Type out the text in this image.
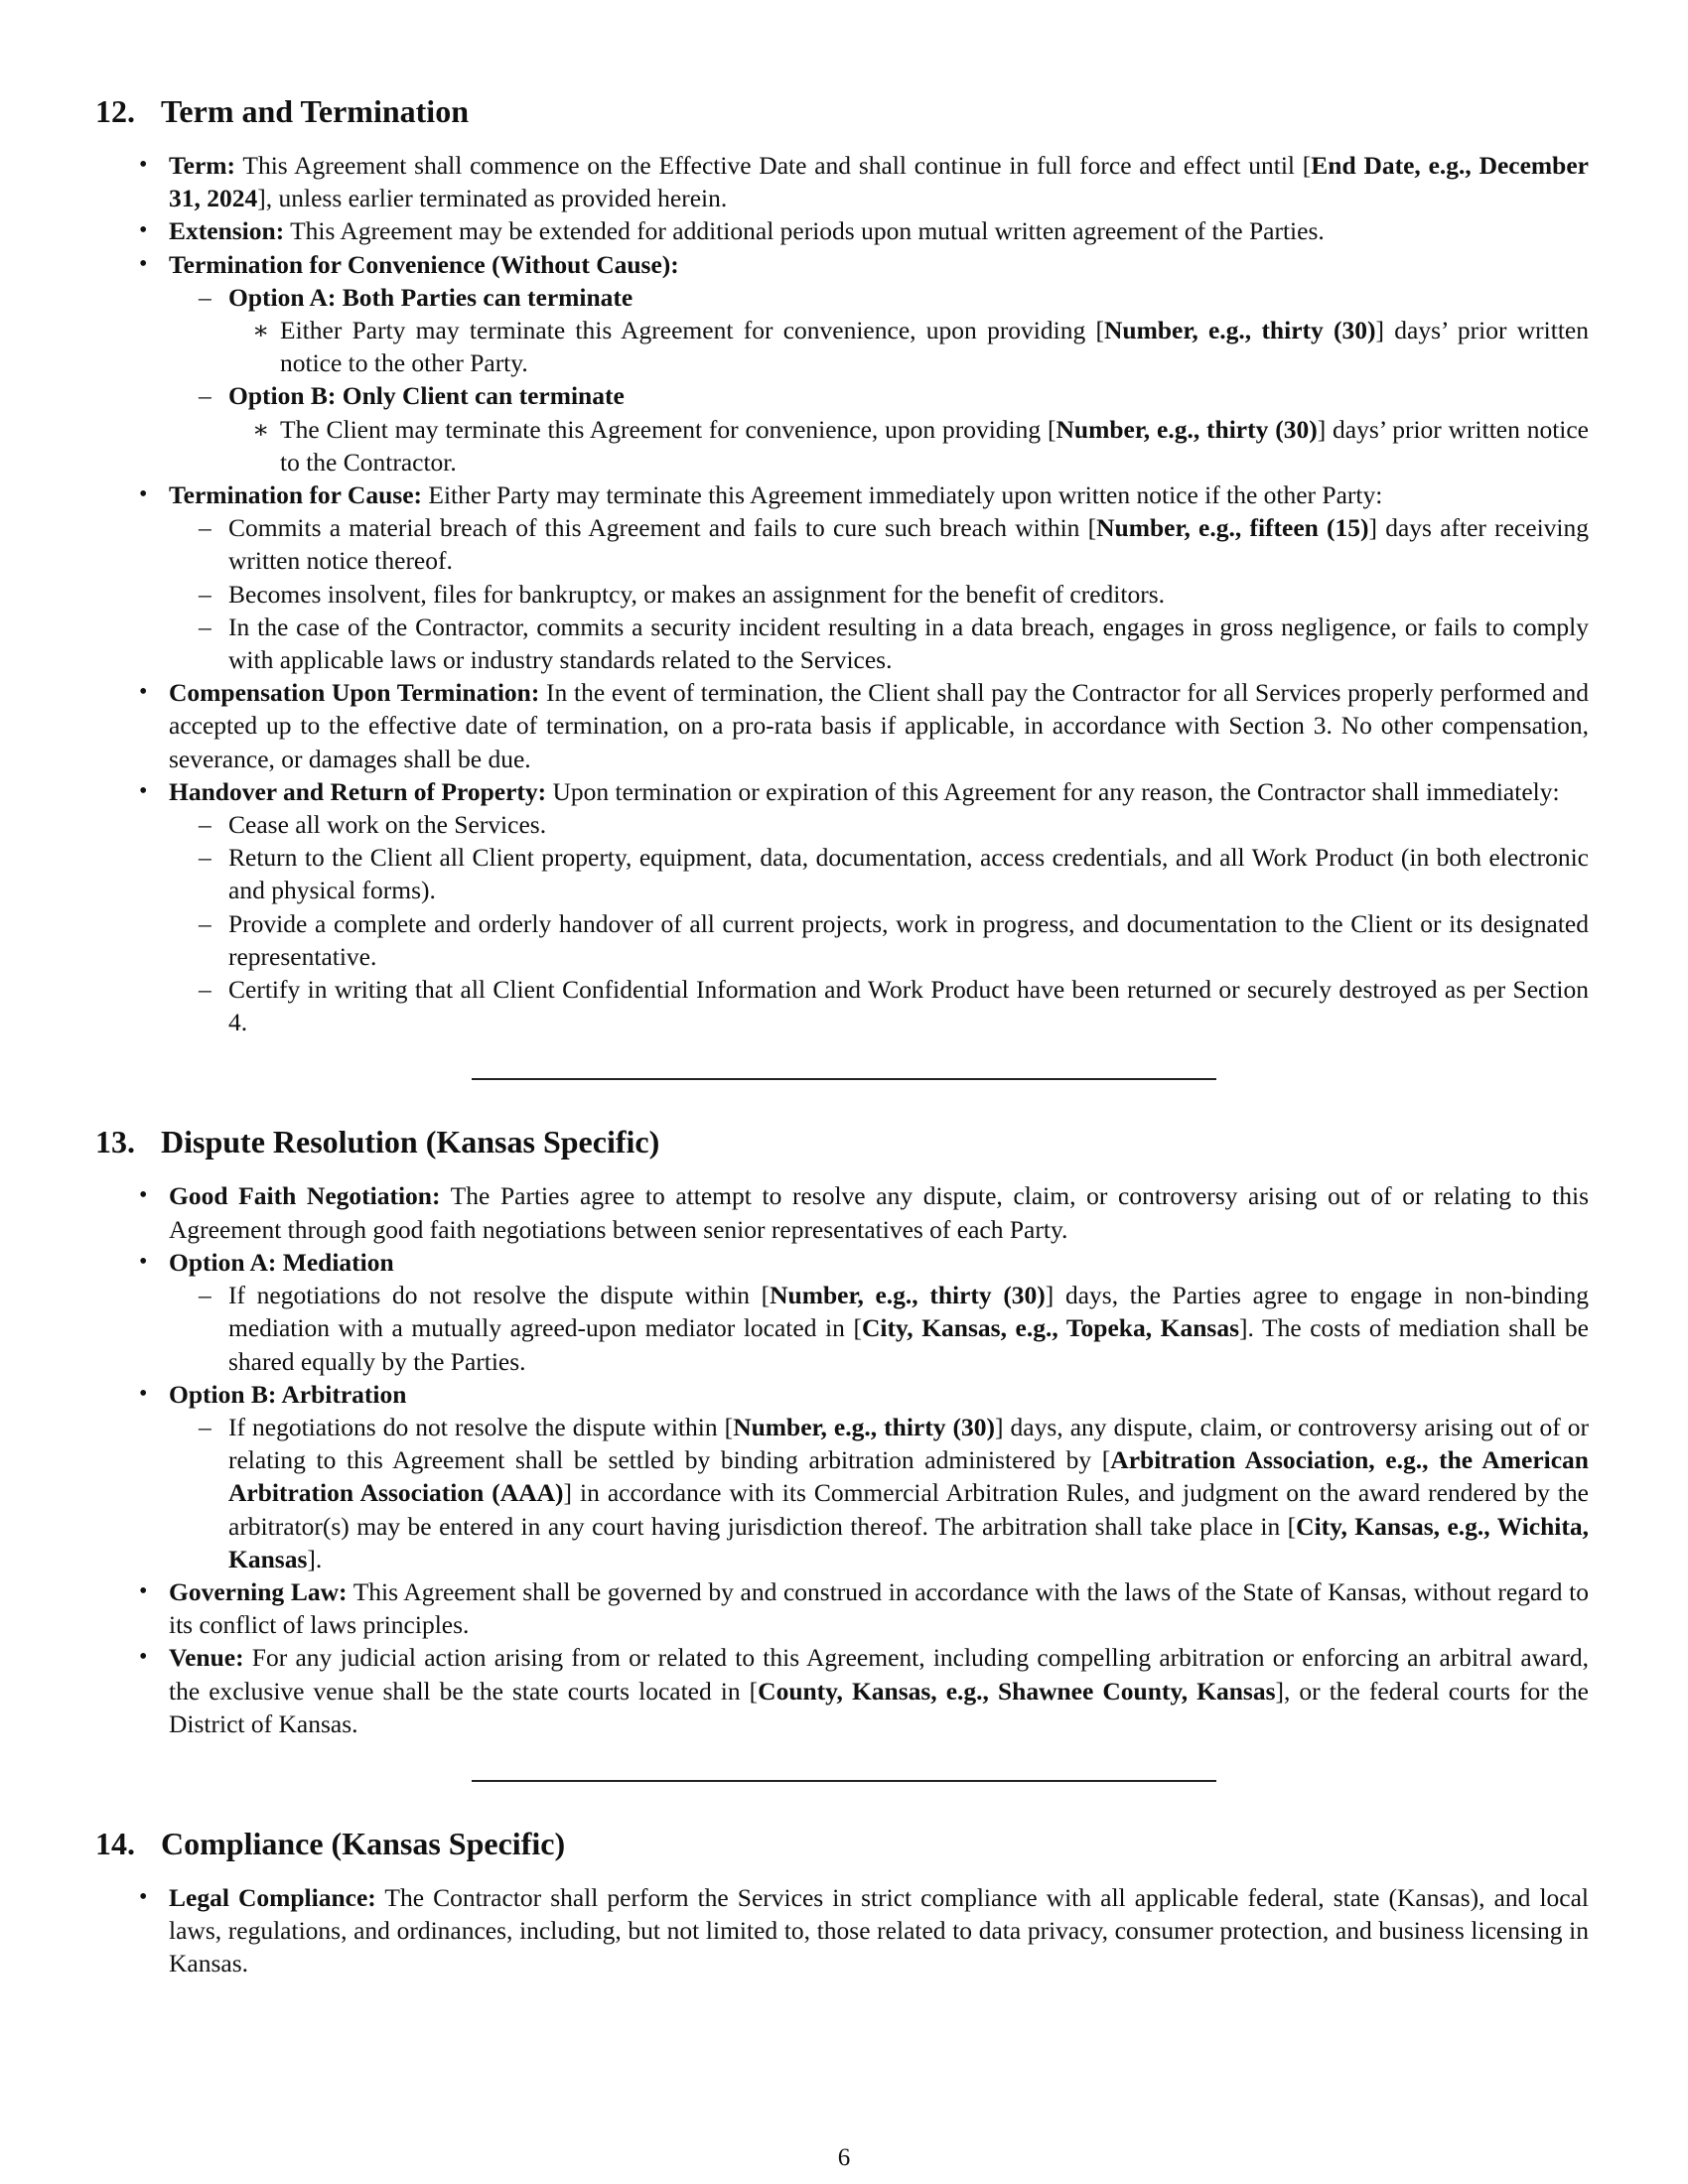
12. Term and Termination
• Term: This Agreement shall commence on the Effective Date and shall continue in full force and effect until [End Date, e.g., December 31, 2024], unless earlier terminated as provided herein.
• Extension: This Agreement may be extended for additional periods upon mutual written agreement of the Parties.
• Termination for Convenience (Without Cause):
– Option A: Both Parties can terminate
∗ Either Party may terminate this Agreement for convenience, upon providing [Number, e.g., thirty (30)] days’ prior written notice to the other Party.
– Option B: Only Client can terminate
∗ The Client may terminate this Agreement for convenience, upon providing [Number, e.g., thirty (30)] days’ prior written notice to the Contractor.
• Termination for Cause: Either Party may terminate this Agreement immediately upon written notice if the other Party:
– Commits a material breach of this Agreement and fails to cure such breach within [Number, e.g., fifteen (15)] days after receiving written notice thereof.
– Becomes insolvent, files for bankruptcy, or makes an assignment for the benefit of creditors.
– In the case of the Contractor, commits a security incident resulting in a data breach, engages in gross negligence, or fails to comply with applicable laws or industry standards related to the Services.
• Compensation Upon Termination: In the event of termination, the Client shall pay the Contractor for all Services properly performed and accepted up to the effective date of termination, on a pro-rata basis if applicable, in accordance with Section 3. No other compensation, severance, or damages shall be due.
• Handover and Return of Property: Upon termination or expiration of this Agreement for any reason, the Contractor shall immediately:
– Cease all work on the Services.
– Return to the Client all Client property, equipment, data, documentation, access credentials, and all Work Product (in both electronic and physical forms).
– Provide a complete and orderly handover of all current projects, work in progress, and documentation to the Client or its designated representative.
– Certify in writing that all Client Confidential Information and Work Product have been returned or securely destroyed as per Section 4.
13. Dispute Resolution (Kansas Specific)
• Good Faith Negotiation: The Parties agree to attempt to resolve any dispute, claim, or controversy arising out of or relating to this Agreement through good faith negotiations between senior representatives of each Party.
• Option A: Mediation
– If negotiations do not resolve the dispute within [Number, e.g., thirty (30)] days, the Parties agree to engage in non-binding mediation with a mutually agreed-upon mediator located in [City, Kansas, e.g., Topeka, Kansas]. The costs of mediation shall be shared equally by the Parties.
• Option B: Arbitration
– If negotiations do not resolve the dispute within [Number, e.g., thirty (30)] days, any dispute, claim, or controversy arising out of or relating to this Agreement shall be settled by binding arbitration administered by [Arbitration Association, e.g., the American Arbitration Association (AAA)] in accordance with its Commercial Arbitration Rules, and judgment on the award rendered by the arbitrator(s) may be entered in any court having jurisdiction thereof. The arbitration shall take place in [City, Kansas, e.g., Wichita, Kansas].
• Governing Law: This Agreement shall be governed by and construed in accordance with the laws of the State of Kansas, without regard to its conflict of laws principles.
• Venue: For any judicial action arising from or related to this Agreement, including compelling arbitration or enforcing an arbitral award, the exclusive venue shall be the state courts located in [County, Kansas, e.g., Shawnee County, Kansas], or the federal courts for the District of Kansas.
14. Compliance (Kansas Specific)
• Legal Compliance: The Contractor shall perform the Services in strict compliance with all applicable federal, state (Kansas), and local laws, regulations, and ordinances, including, but not limited to, those related to data privacy, consumer protection, and business licensing in Kansas.
6
